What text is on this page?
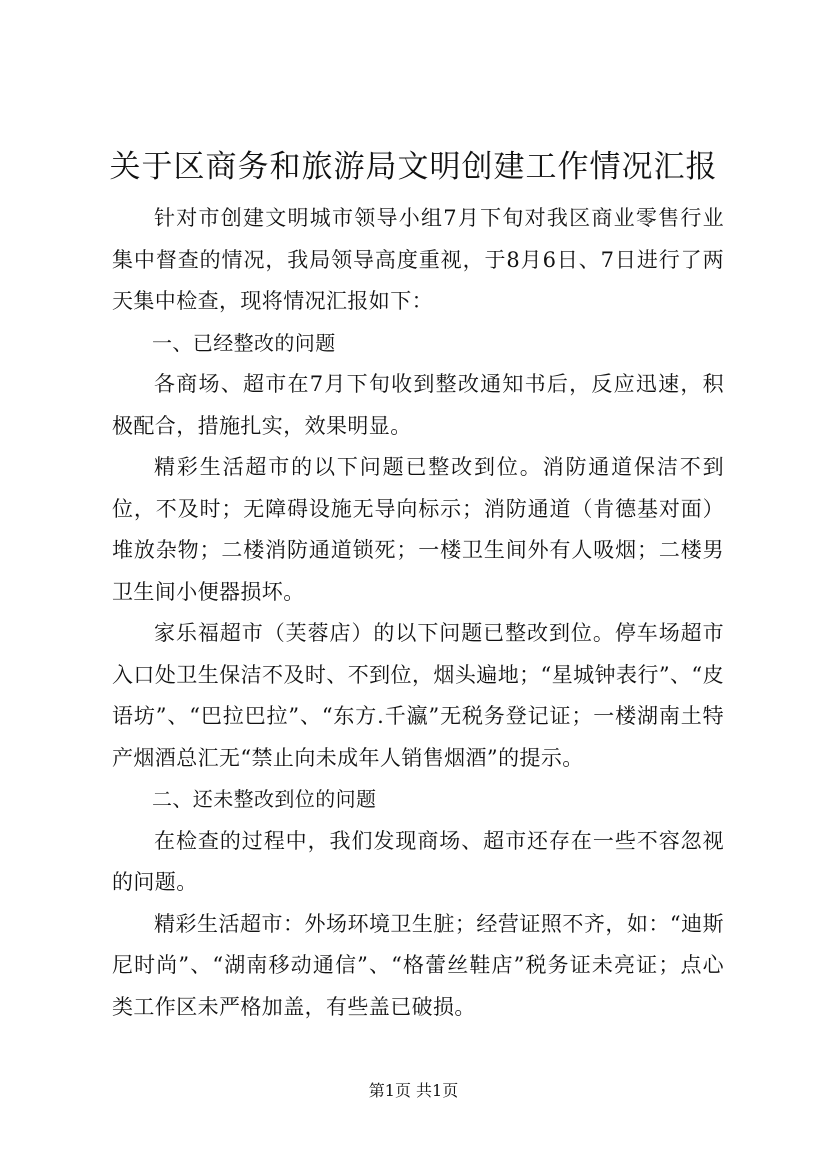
关于区商务和旅游局文明创建工作情况汇报

针对市创建文明城市领导小组7月下旬对我区商业零售行业集中督查的情况，我局领导高度重视，于8月6日、7日进行了两天集中检查，现将情况汇报如下：

一、已经整改的问题

各商场、超市在7月下旬收到整改通知书后，反应迅速，积极配合，措施扎实，效果明显。

精彩生活超市的以下问题已整改到位。消防通道保洁不到位，不及时；无障碍设施无导向标示；消防通道（肯德基对面）堆放杂物；二楼消防通道锁死；一楼卫生间外有人吸烟；二楼男卫生间小便器损坏。

家乐福超市（芙蓉店）的以下问题已整改到位。停车场超市入口处卫生保洁不及时、不到位，烟头遍地；“星城钟表行”、“皮语坊”、“巴拉巴拉”、“东方.千瀛”无税务登记证；一楼湖南土特产烟酒总汇无“禁止向未成年人销售烟酒”的提示。

二、还未整改到位的问题

在检查的过程中，我们发现商场、超市还存在一些不容忽视的问题。

精彩生活超市：外场环境卫生脏；经营证照不齐，如：“迪斯尼时尚”、“湖南移动通信”、“格蕾丝鞋店”税务证未亮证；点心类工作区未严格加盖，有些盖已破损。

第1页 共1页
